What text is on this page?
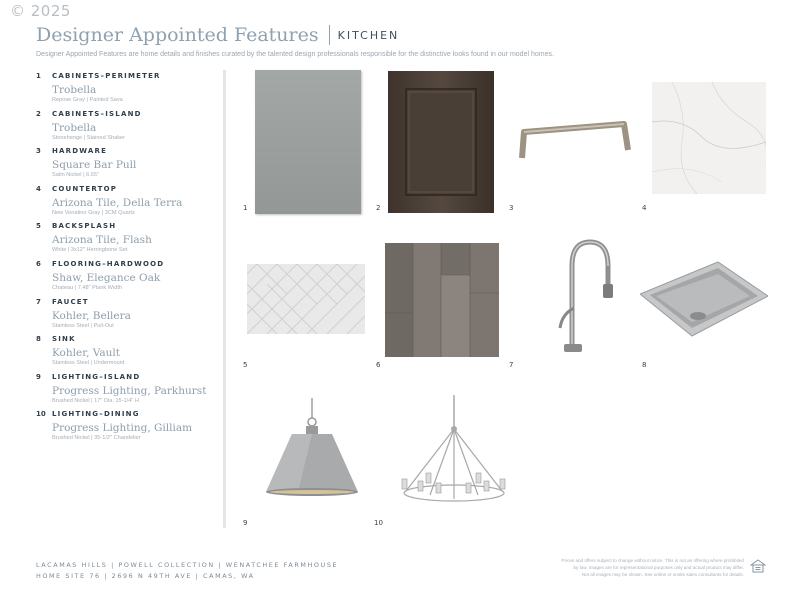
© 2025
Designer Appointed Features KITCHEN
Designer Appointed Features are home details and finishes curated by the talented design professionals responsible for the distinctive looks found in our model homes.
1 CABINETS–PERIMETER
Trobella
Repose Gray | Painted Sava
2 CABINETS–ISLAND
Trobella
Stonehenge | Stained Shaker
3 HARDWARE
Square Bar Pull
Satin Nickel | 6.65"
4 COUNTERTOP
Arizona Tile, Della Terra
New Venatino Gray | 3CM Quartz
5 BACKSPLASH
Arizona Tile, Flash
White | 3x12" Herringbone Set
6 FLOORING–HARDWOOD
Shaw, Elegance Oak
Chateau | 7.48" Plank Width
7 FAUCET
Kohler, Bellera
Stainless Steel | Pull-Out
8 SINK
Kohler, Vault
Stainless Steel | Undermount
9 LIGHTING–ISLAND
Progress Lighting, Parkhurst
Brushed Nickel | 17" Dia. 15-1/4" H
10 LIGHTING–DINING
Progress Lighting, Gilliam
Brushed Nickel | 35-1/2" Chandelier
1	2	3	4
5	6	7	8
9	10
LACAMAS HILLS | POWELL COLLECTION | WENATCHEE FARMHOUSE
HOME SITE 76 | 2696 N 49TH AVE | CAMAS, WA
Prices and offers subject to change without notice. This is not an offering where prohibited
by law. Images are for representational purposes only and actual product may differ.
Not all images may be shown. See online or onsite sales consultants for details.
